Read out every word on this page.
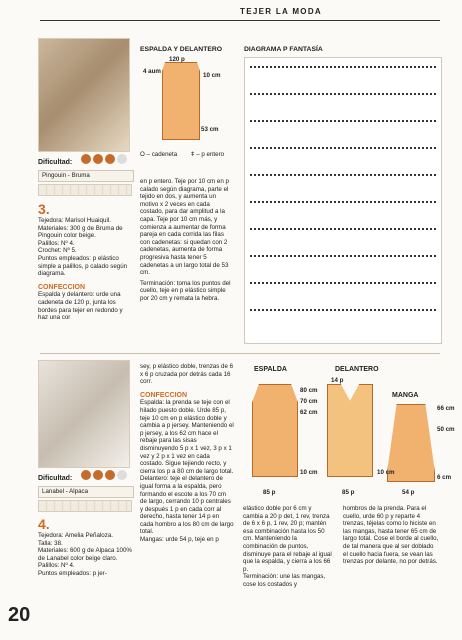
TEJER LA MODA
Dificultad:
Pingouin - Bruma
3.
Tejedora: Marisol Huaiquil.
Materiales: 300 g de Bruma de Pingouin color beige.
Palillos: Nº 4.
Crochet: Nº 5.
Puntos empleados: p elástico simple a palillos, p calado según diagrama.
CONFECCION
Espalda y delantero: urde una cadeneta de 120 p, junta los bordes para tejer en redondo y haz una cor
en p entero. Teje por 10 cm en p calado según diagrama, parte el tejido en dos, y aumenta un motivo x 2 veces en cada costado, para dar amplitud a la capa. Teje por 10 cm más, y comienza a aumentar de forma pareja en cada corrida las filas con cadenetas: si quedan con 2 cadenetas, aumenta de forma progresiva hasta tener 5 cadenetas a un largo total de 53 cm.
Terminación: toma los puntos del cuello, teje en p elástico simple por 20 cm y remata la hebra.
ESPALDA Y DELANTERO
120 p
4 aum
10 cm
53 cm
O – cadeneta ǂ – p entero
DIAGRAMA P FANTASÍA
Dificultad:
Lanabel - Alpaca
4.
Tejedora: Amelia Peñaloza.
Talla: 38.
Materiales: 600 g de Alpaca 100% de Lanabel color beige claro.
Palillos: Nº 4.
Puntos empleados: p jer-
sey, p elástico doble, trenzas de 6 x 6 p cruzada por detrás cada 16 corr.
CONFECCION
Espalda: la prenda se teje con el hilado puesto doble. Urde 85 p, teje 10 cm en p elástico doble y cambia a p jersey. Manteniendo el p jersey, a los 62 cm hace el rebaje para las sisas disminuyendo 5 p x 1 vez, 3 p x 1 vez y 2 p x 1 vez en cada costado. Sigue tejiendo recto, y cierra los p a 80 cm de largo total.
Delantero: teje el delantero de igual forma a la espalda, pero formando el escote a los 70 cm de largo, cerrando 10 p centrales y después 1 p en cada corr al derecho, hasta tener 14 p en cada hombro a los 80 cm de largo total.
Mangas: urde 54 p, teje en p
ESPALDA	DELANTERO
MANGA
80 cm
70 cm
62 cm
10 cm
14 p
85 p	85 p	54 p
66 cm
50 cm
6 cm
10 cm
elástico doble por 6 cm y cambia a 20 p det, 1 rev, trenza de 6 x 6 p, 1 rev, 20 p; mantén esa combinación hasta los 50 cm. Manteniendo la combinación de puntos, disminuye para el rebaje al igual que la espalda, y cierra a los 66 p.
Terminación: une las mangas, cose los costados y
hombros de la prenda. Para el cuello, urde 60 p y reparte 4 trenzas, téjelas como lo hiciste en las mangas, hasta tener 65 cm de largo total. Cose el borde al cuello, de tal manera que al ser doblado el cuello hacia fuera, se vean las trenzas por delante, no por detrás.
20
